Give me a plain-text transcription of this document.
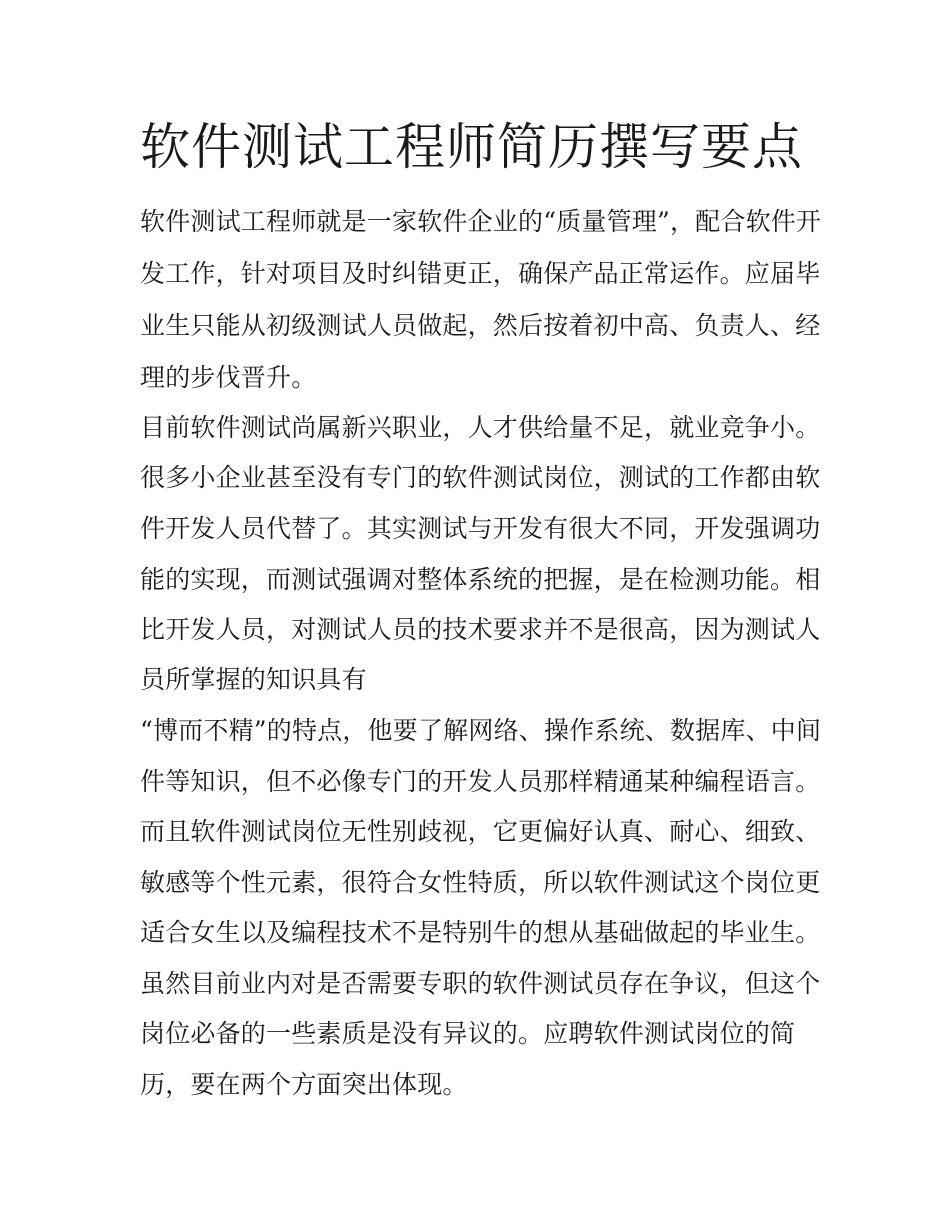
软件测试工程师简历撰写要点
软件测试工程师就是一家软件企业的“质量管理”，配合软件开
发工作，针对项目及时纠错更正，确保产品正常运作。应届毕
业生只能从初级测试人员做起，然后按着初中高、负责人、经
理的步伐晋升。
目前软件测试尚属新兴职业，人才供给量不足，就业竞争小。
很多小企业甚至没有专门的软件测试岗位，测试的工作都由软
件开发人员代替了。其实测试与开发有很大不同，开发强调功
能的实现，而测试强调对整体系统的把握，是在检测功能。相
比开发人员，对测试人员的技术要求并不是很高，因为测试人
员所掌握的知识具有
“博而不精”的特点，他要了解网络、操作系统、数据库、中间
件等知识，但不必像专门的开发人员那样精通某种编程语言。
而且软件测试岗位无性别歧视，它更偏好认真、耐心、细致、
敏感等个性元素，很符合女性特质，所以软件测试这个岗位更
适合女生以及编程技术不是特别牛的想从基础做起的毕业生。
虽然目前业内对是否需要专职的软件测试员存在争议，但这个
岗位必备的一些素质是没有异议的。应聘软件测试岗位的简
历，要在两个方面突出体现。
